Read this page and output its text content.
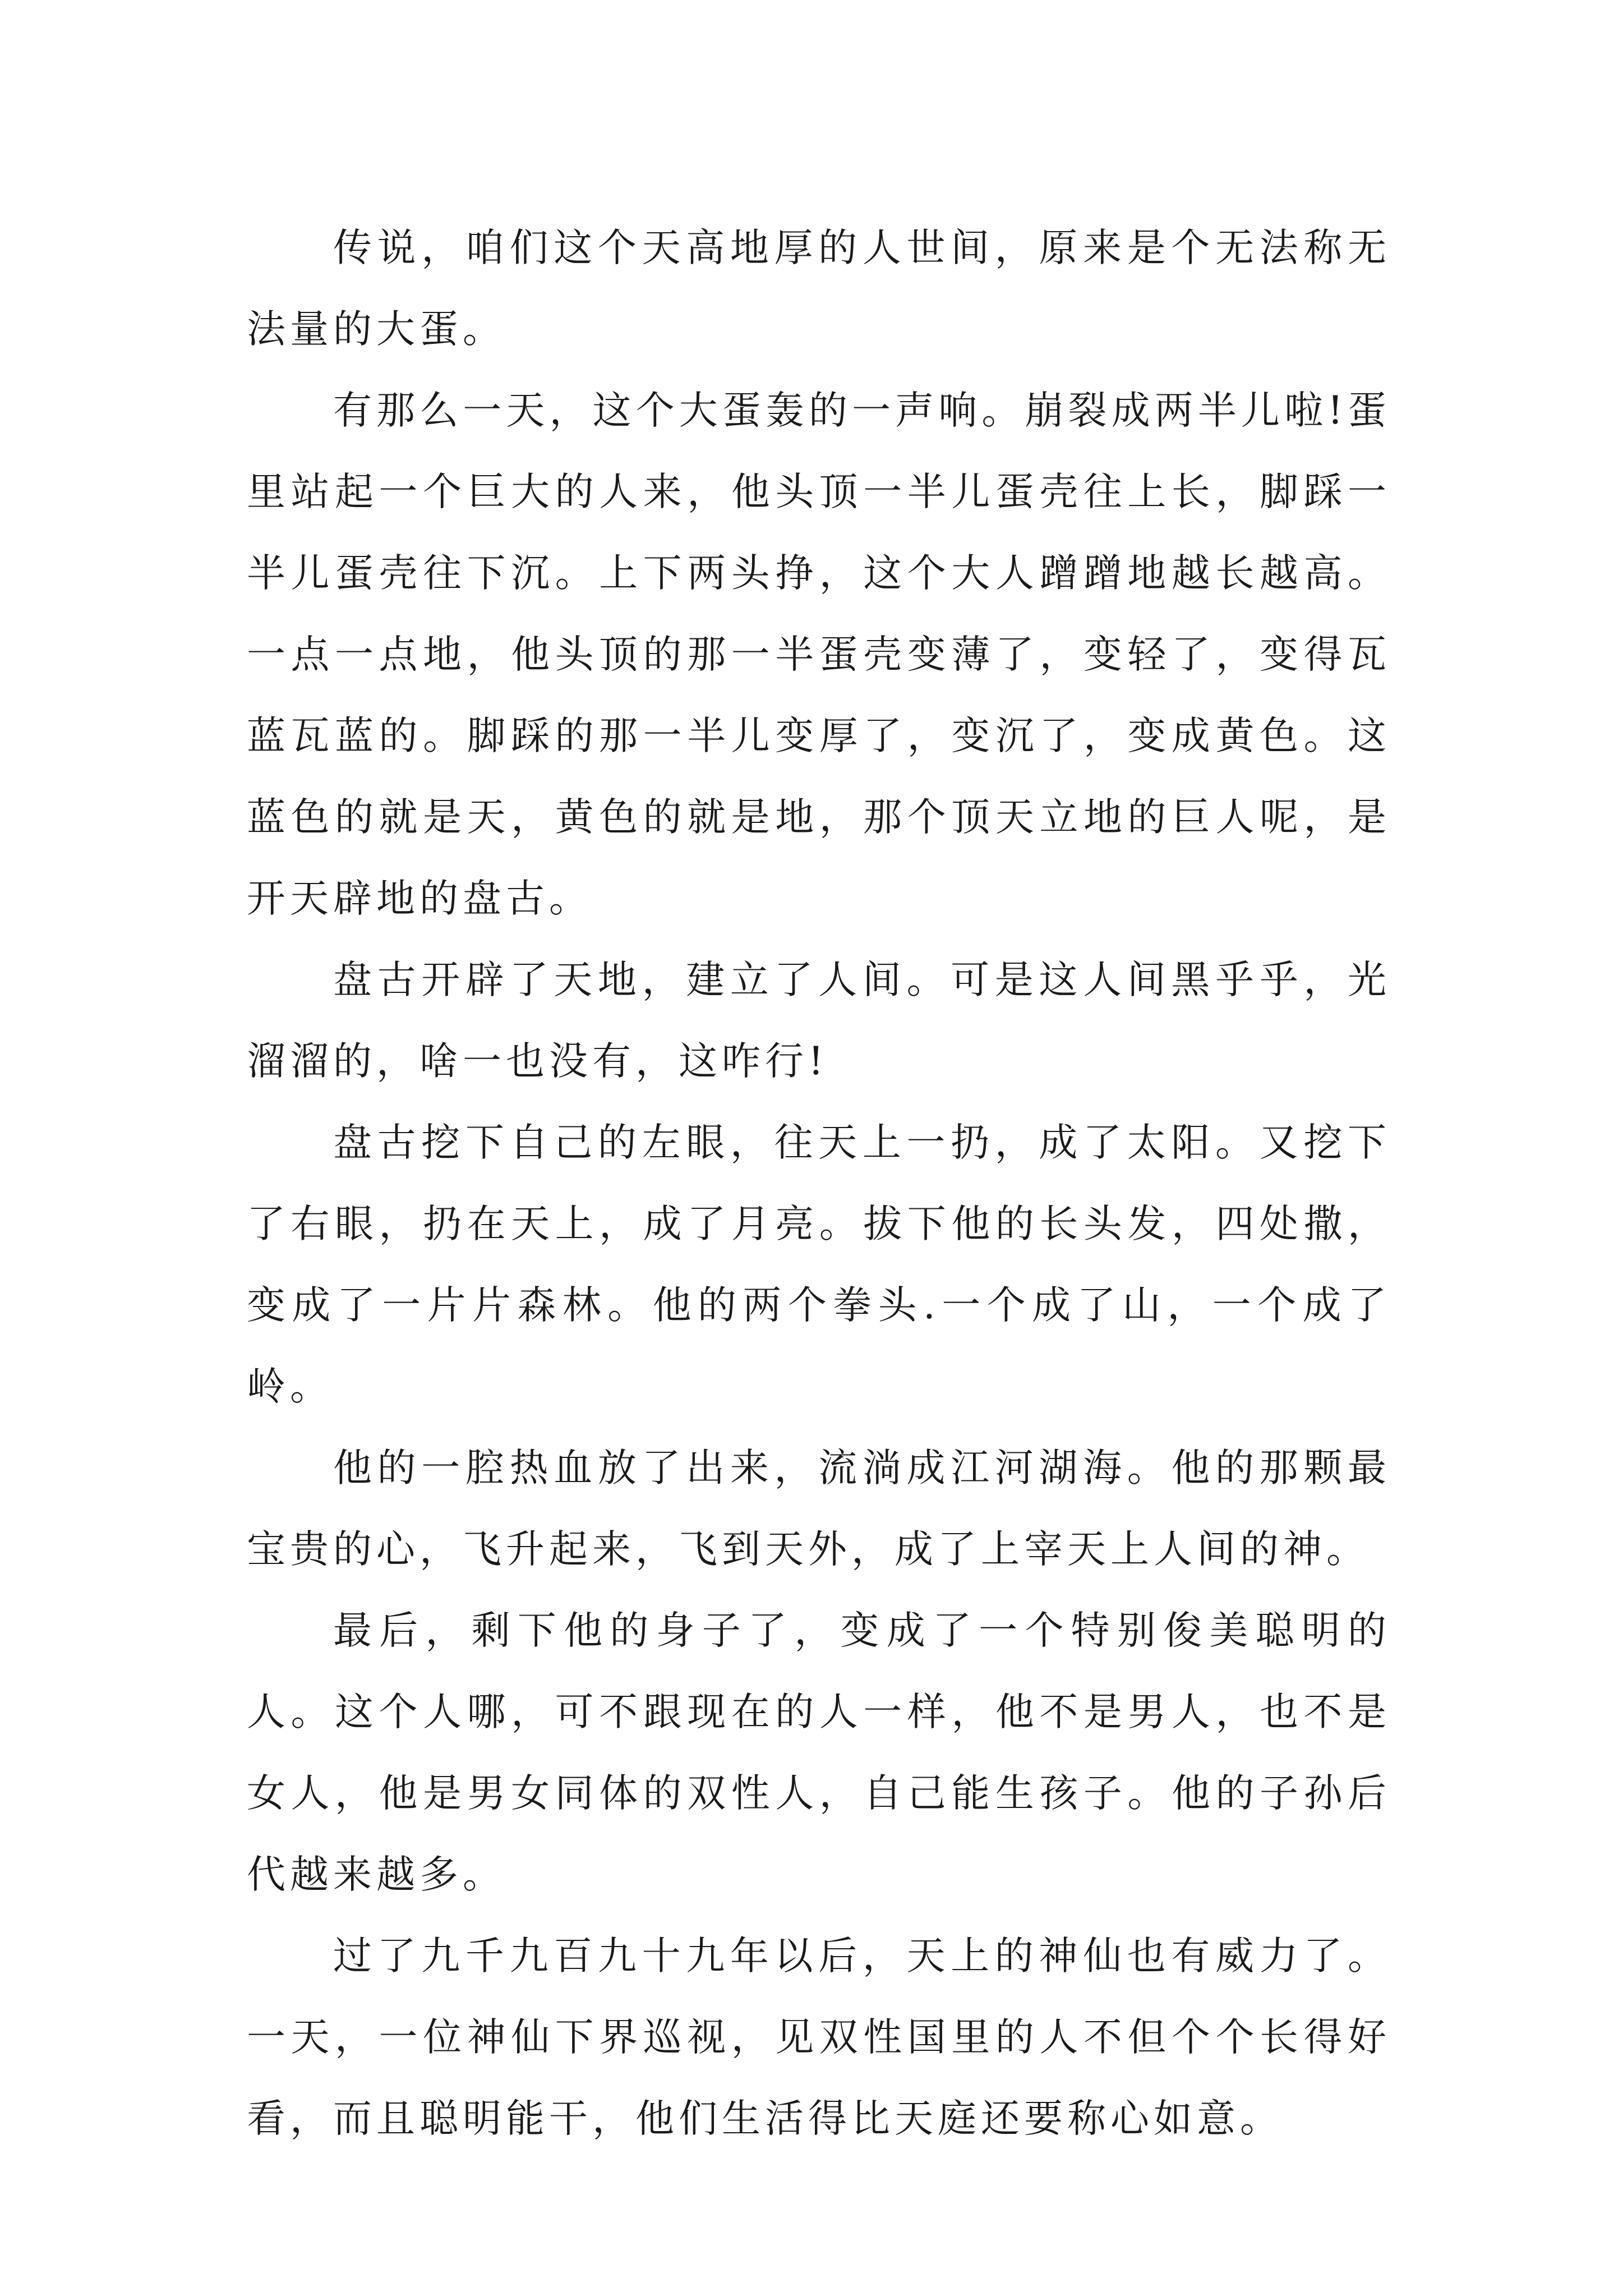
传说，咱们这个天高地厚的人世间，原来是个无法称无法量的大蛋。

有那么一天，这个大蛋轰的一声响。崩裂成两半儿啦!蛋里站起一个巨大的人来，他头顶一半儿蛋壳往上长，脚踩一半儿蛋壳往下沉。上下两头挣，这个大人蹭蹭地越长越高。一点一点地，他头顶的那一半蛋壳变薄了，变轻了，变得瓦蓝瓦蓝的。脚踩的那一半儿变厚了，变沉了，变成黄色。这蓝色的就是天，黄色的就是地，那个顶天立地的巨人呢，是开天辟地的盘古。

盘古开辟了天地，建立了人间。可是这人间黑乎乎，光溜溜的，啥一也没有，这咋行!

盘古挖下自己的左眼，往天上一扔，成了太阳。又挖下了右眼，扔在天上，成了月亮。拔下他的长头发，四处撒，变成了一片片森林。他的两个拳头.一个成了山，一个成了岭。

他的一腔热血放了出来，流淌成江河湖海。他的那颗最宝贵的心，飞升起来，飞到天外，成了上宰天上人间的神。

最后，剩下他的身子了，变成了一个特别俊美聪明的人。这个人哪，可不跟现在的人一样，他不是男人，也不是女人，他是男女同体的双性人，自己能生孩子。他的子孙后代越来越多。

过了九千九百九十九年以后，天上的神仙也有威力了。一天，一位神仙下界巡视，见双性国里的人不但个个长得好看，而且聪明能干，他们生活得比天庭还要称心如意。
